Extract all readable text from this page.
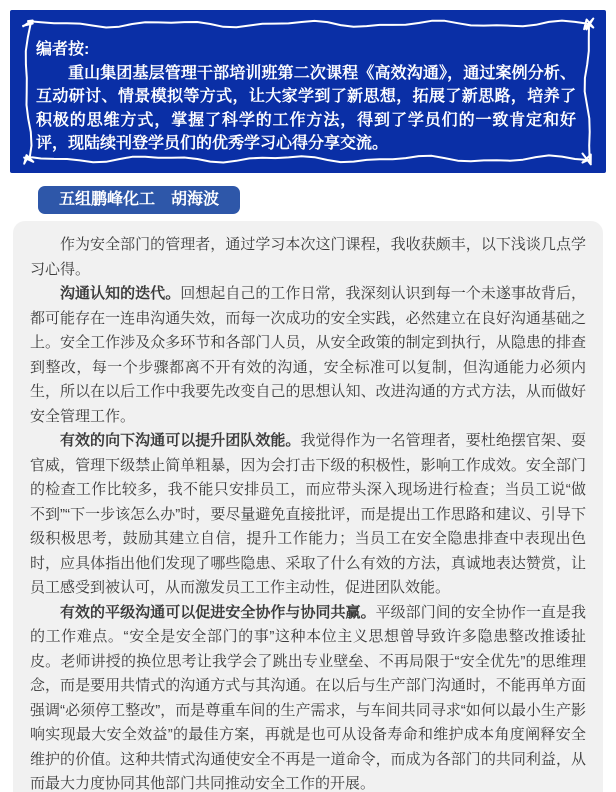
编者按:

重山集团基层管理干部培训班第二次课程《高效沟通》，通过案例分析、互动研讨、情景模拟等方式，让大家学到了新思想，拓展了新思路，培养了积极的思维方式，掌握了科学的工作方法，得到了学员们的一致肯定和好评，现陆续刊登学员们的优秀学习心得分享交流。

五组鹏峰化工　胡海波

作为安全部门的管理者，通过学习本次这门课程，我收获颇丰，以下浅谈几点学习心得。

沟通认知的迭代。回想起自己的工作日常，我深刻认识到每一个未遂事故背后，都可能存在一连串沟通失效，而每一次成功的安全实践，必然建立在良好沟通基础之上。安全工作涉及众多环节和各部门人员，从安全政策的制定到执行，从隐患的排查到整改，每一个步骤都离不开有效的沟通，安全标准可以复制，但沟通能力必须内生，所以在以后工作中我要先改变自己的思想认知、改进沟通的方式方法，从而做好安全管理工作。

有效的向下沟通可以提升团队效能。我觉得作为一名管理者，要杜绝摆官架、耍官威，管理下级禁止简单粗暴，因为会打击下级的积极性，影响工作成效。安全部门的检查工作比较多，我不能只安排员工，而应带头深入现场进行检查；当员工说“做不到”“下一步该怎么办”时，要尽量避免直接批评，而是提出工作思路和建议、引导下级积极思考，鼓励其建立自信，提升工作能力；当员工在安全隐患排查中表现出色时，应具体指出他们发现了哪些隐患、采取了什么有效的方法，真诚地表达赞赏，让员工感受到被认可，从而激发员工工作主动性，促进团队效能。

有效的平级沟通可以促进安全协作与协同共赢。平级部门间的安全协作一直是我的工作难点。“安全是安全部门的事”这种本位主义思想曾导致许多隐患整改推诿扯皮。老师讲授的换位思考让我学会了跳出专业壁垒、不再局限于“安全优先”的思维理念，而是要用共情式的沟通方式与其沟通。在以后与生产部门沟通时，不能再单方面强调“必须停工整改”，而是尊重车间的生产需求，与车间共同寻求“如何以最小生产影响实现最大安全效益”的最佳方案，再就是也可从设备寿命和维护成本角度阐释安全维护的价值。这种共情式沟通使安全不再是一道命令，而成为各部门的共同利益，从而最大力度协同其他部门共同推动安全工作的开展。
